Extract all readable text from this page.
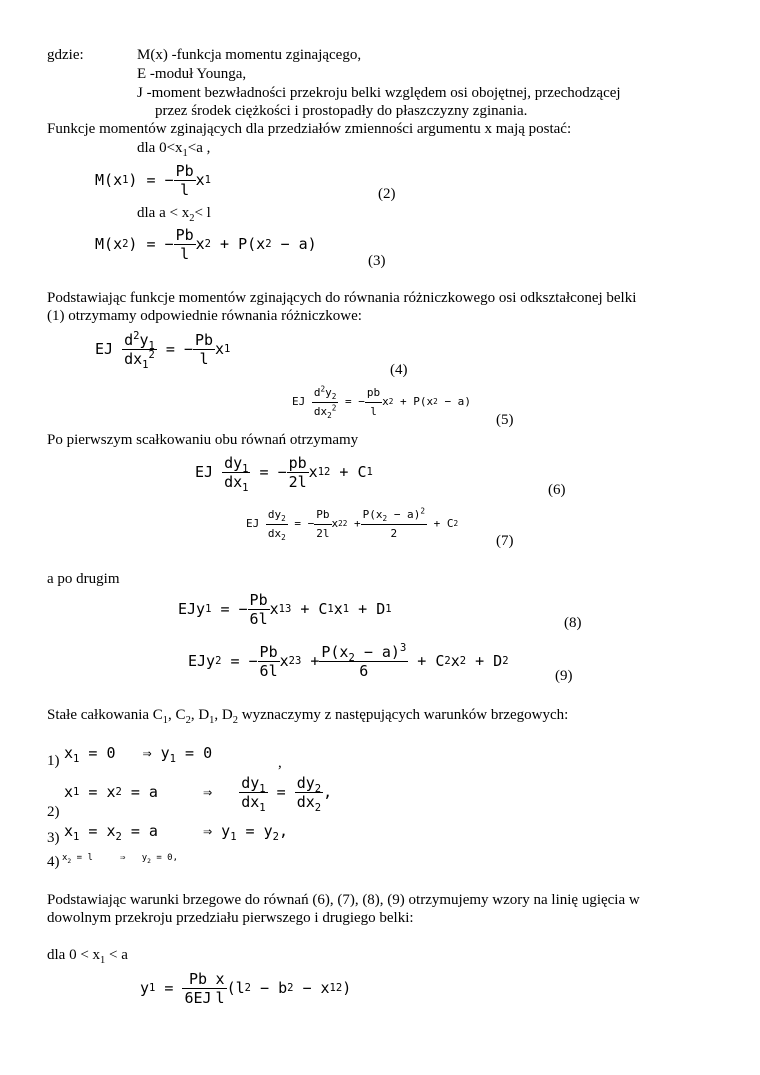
gdzie:	M(x) -funkcja momentu zginającego,
E -moduł Younga,
J -moment bezwładności przekroju belki względem osi obojętnej, przechodzącej
przez środek ciężkości i prostopadły do płaszczyzny zginania.
Funkcje momentów zginających dla przedziałów zmienności argumentu x mają postać:
dla $0<x_1<a$ ,
M ( x 1 ) =
− $\frac{Pb}{l}$ x 1
(2)
dla $a < x_2< l$
M ( x 2 ) =
− $\frac{Pb}{l}$ x 2
+
P ( x 2
− a )
(3)
Podstawiając funkcje momentów zginających do równania różniczkowego osi odkształconej belki
(1) otrzymamy odpowiednie równania różniczkowe:
EJ
$\frac{d^2y_1}{dx_1^2}$
=
− $\frac{Pb}{l}$ x 1
(4)
EJ
$\frac{d^2y_2}{dx_2^2}$
=
− $\frac{pb}{l}$ x 2
+
P ( x 2
− a )
(5)
Po pierwszym scałkowaniu obu równań otrzymamy
EJ
$\frac{dy_1}{dx_1}$
=
− $\frac{pb}{2l}$ x 1 2
+
C 1
(6)
EJ
$\frac{dy_2}{dx_2}$
=
− $\frac{Pb}{2l}$ x 2 2
+ $\frac{P(x_2 - a)^2}{2}$
+
C 2
(7)
a po drugim
EJy 1
=
− $\frac{Pb}{6l}$ x 1 3
+
C 1 x 1
+
D 1
(8)
EJy 2
=
− $\frac{Pb}{6l}$ x 2 3
+ $\frac{P(x_2 - a)^3}{6}$
+
C 2 x 2
+
D 2
(9)
Stałe całkowania $C_1$, $C_2$, $D_1$, $D_2$ wyznaczymy z następujących warunków brzegowych:
1) $x_1 = 0$ ⇒ $y_1 = 0$
,
x 1
=
x 2
=
a
	⇒
$\frac{dy_1}{dx_1}$
=
$\frac{dy_2}{dx_2}$ ,
2)
3) $x_1 = x_2 = a$	⇒ $y_1 = y_2$,
4) $x_2 = l$	⇒ $y_2 = 0$,
Podstawiając warunki brzegowe do równań (6), (7), (8), (9) otrzymujemy wzory na linię ugięcia w
dowolnym przekroju przedziału pierwszego i drugiego belki:
dla $0 < x_1 < a$
y 1
=
$\frac{Pb}{6EJ} \frac{x}{l}$ ( l 2
−
b 2
−
x 1 2 )
